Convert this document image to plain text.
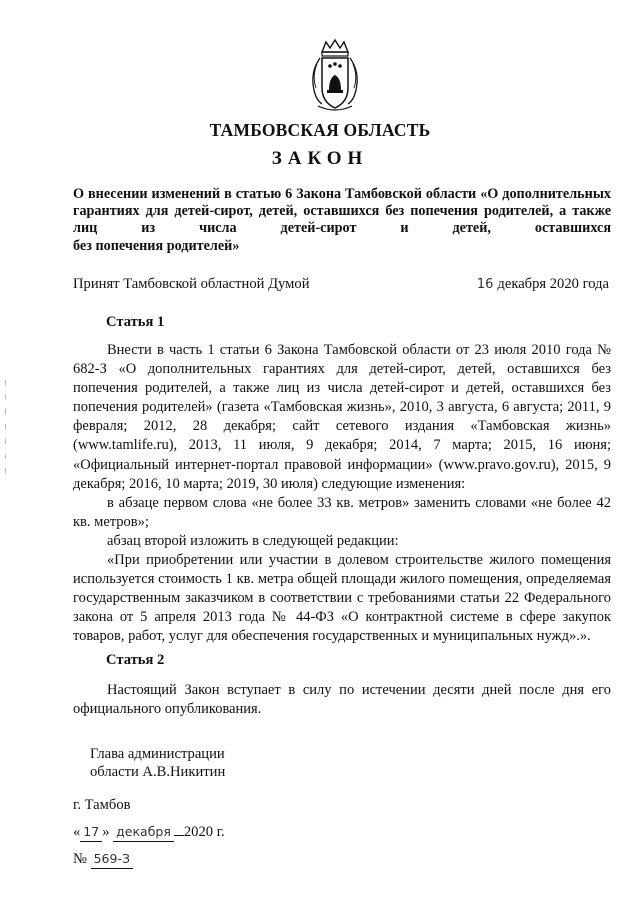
ТАМБОВСКАЯ ОБЛАСТЬ
ЗАКОН
О внесении изменений в статью 6 Закона Тамбовской области «О дополнительных гарантиях для детей-сирот, детей, оставшихся без попечения родителей, а также лиц из числа детей-сирот и детей, оставшихся
без попечения родителей»
Принят Тамбовской областной Думой	16 декабря 2020 года
Статья 1

Внести в часть 1 статьи 6 Закона Тамбовской области от 23 июля 2010 года № 682-З «О дополнительных гарантиях для детей-сирот, детей, оставшихся без попечения родителей, а также лиц из числа детей-сирот и детей, оставшихся без попечения родителей» (газета «Тамбовская жизнь», 2010, 3 августа, 6 августа; 2011, 9 февраля; 2012, 28 декабря; сайт сетевого издания «Тамбовская жизнь» (www.tamlife.ru), 2013, 11 июля, 9 декабря; 2014, 7 марта; 2015, 16 июня; «Официальный интернет-портал правовой информации» (www.pravo.gov.ru), 2015, 9 декабря; 2016, 10 марта; 2019, 30 июля) следующие изменения:

в абзаце первом слова «не более 33 кв. метров» заменить словами «не более 42 кв. метров»;

абзац второй изложить в следующей редакции:

«При приобретении или участии в долевом строительстве жилого помещения используется стоимость 1 кв. метра общей площади жилого помещения, определяемая государственным заказчиком в соответствии с требованиями статьи 22 Федерального закона от 5 апреля 2013 года № 44-ФЗ «О контрактной системе в сфере закупок товаров, работ, услуг для обеспечения государственных и муниципальных нужд».».

Статья 2

Настоящий Закон вступает в силу по истечении десяти дней после дня его официального опубликования.

Глава администрации
области А.В.Никитин
г. Тамбов
« 17 » декабря 2020 г.
№ 569-З
